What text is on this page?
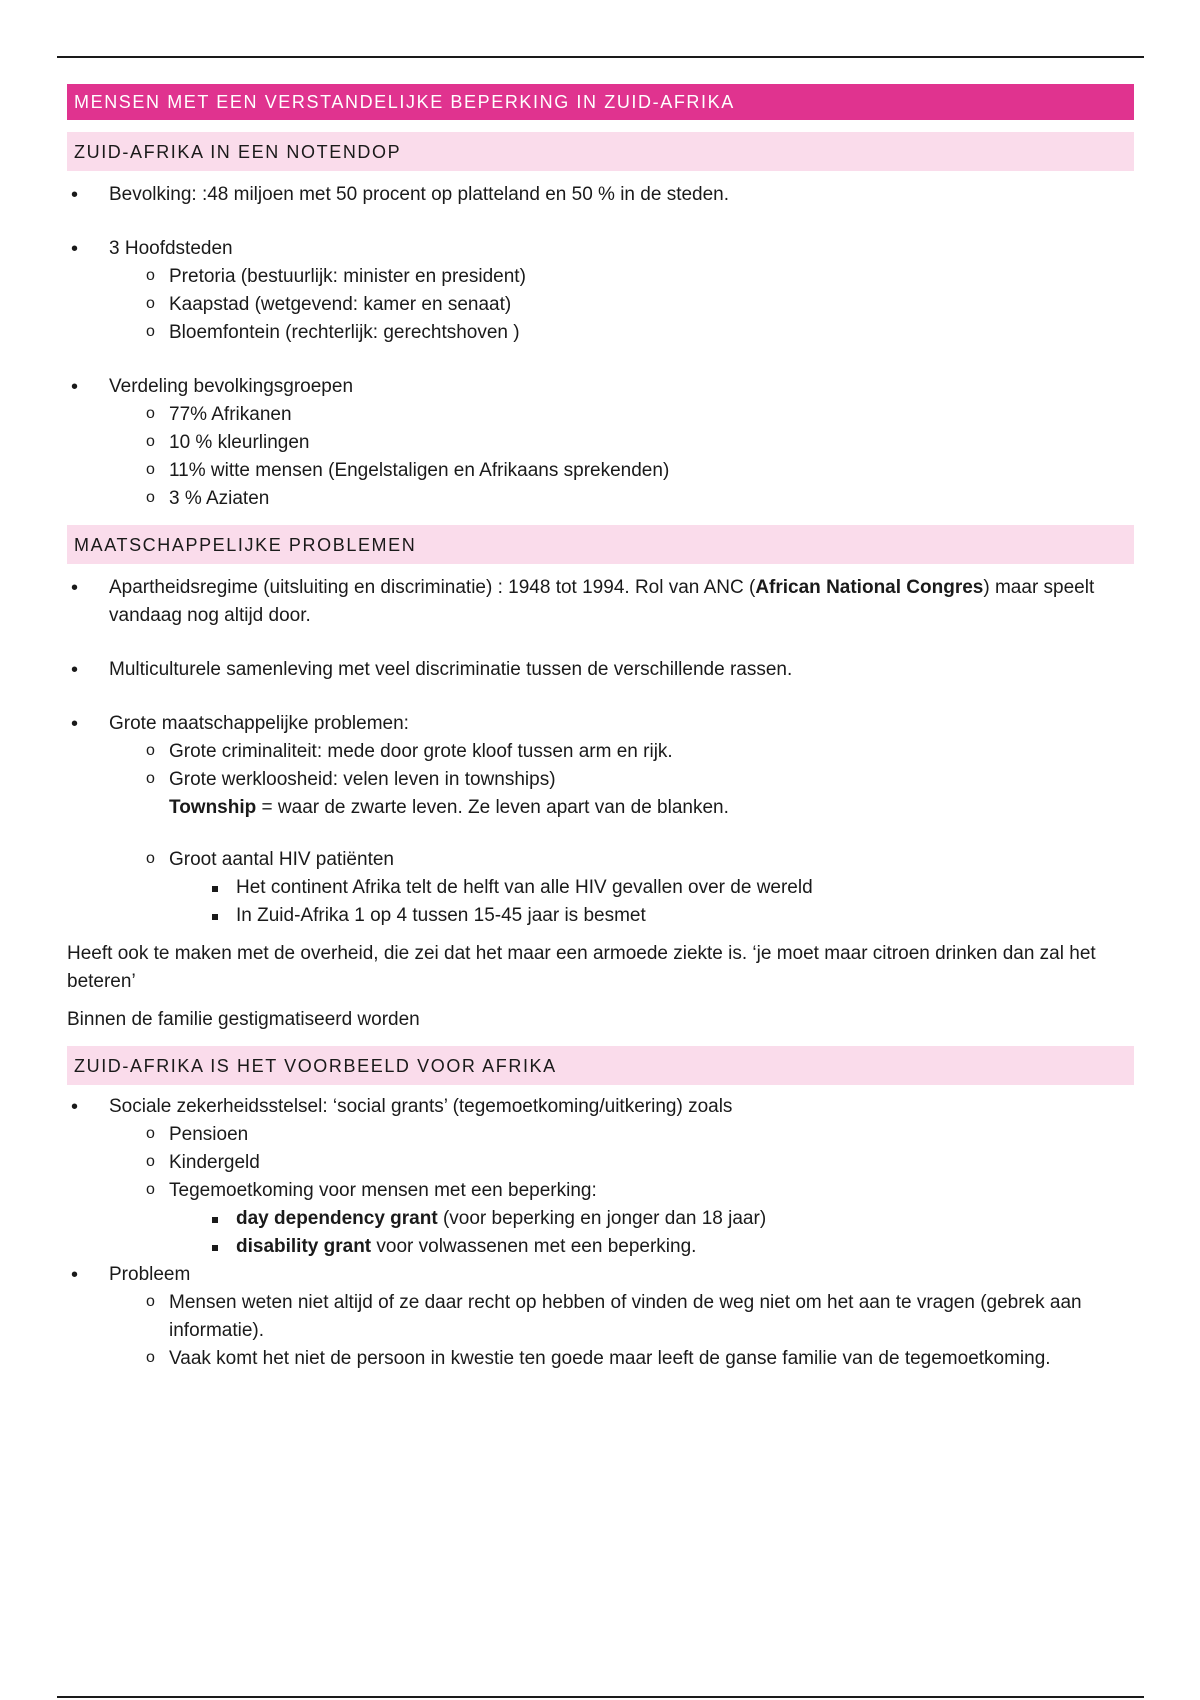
MENSEN MET EEN VERSTANDELIJKE BEPERKING IN ZUID-AFRIKA
ZUID-AFRIKA IN EEN NOTENDOP
• Bevolking: :48 miljoen met 50 procent op platteland en 50 % in de steden.
• 3 Hoofdsteden
o Pretoria (bestuurlijk: minister en president)
o Kaapstad (wetgevend: kamer en senaat)
o Bloemfontein (rechterlijk: gerechtshoven )
• Verdeling bevolkingsgroepen
o 77% Afrikanen
o 10 % kleurlingen
o 11% witte mensen (Engelstaligen en Afrikaans sprekenden)
o 3 % Aziaten
MAATSCHAPPELIJKE PROBLEMEN
• Apartheidsregime (uitsluiting en discriminatie) : 1948 tot 1994. Rol van ANC (African National Congres) maar speelt vandaag nog altijd door.
• Multiculturele samenleving met veel discriminatie tussen de verschillende rassen.
• Grote maatschappelijke problemen:
o Grote criminaliteit: mede door grote kloof tussen arm en rijk.
o Grote werkloosheid: velen leven in townships)
Township = waar de zwarte leven. Ze leven apart van de blanken.
o Groot aantal HIV patiënten
Het continent Afrika telt de helft van alle HIV gevallen over de wereld
In Zuid-Afrika 1 op 4 tussen 15-45 jaar is besmet
Heeft ook te maken met de overheid, die zei dat het maar een armoede ziekte is. ‘je moet maar citroen drinken dan zal het beteren’
Binnen de familie gestigmatiseerd worden
ZUID-AFRIKA IS HET VOORBEELD VOOR AFRIKA
• Sociale zekerheidsstelsel: ‘social grants’ (tegemoetkoming/uitkering) zoals
o Pensioen
o Kindergeld
o Tegemoetkoming voor mensen met een beperking:
day dependency grant (voor beperking en jonger dan 18 jaar)
disability grant voor volwassenen met een beperking.
• Probleem
o Mensen weten niet altijd of ze daar recht op hebben of vinden de weg niet om het aan te vragen (gebrek aan informatie).
o Vaak komt het niet de persoon in kwestie ten goede maar leeft de ganse familie van de tegemoetkoming.
